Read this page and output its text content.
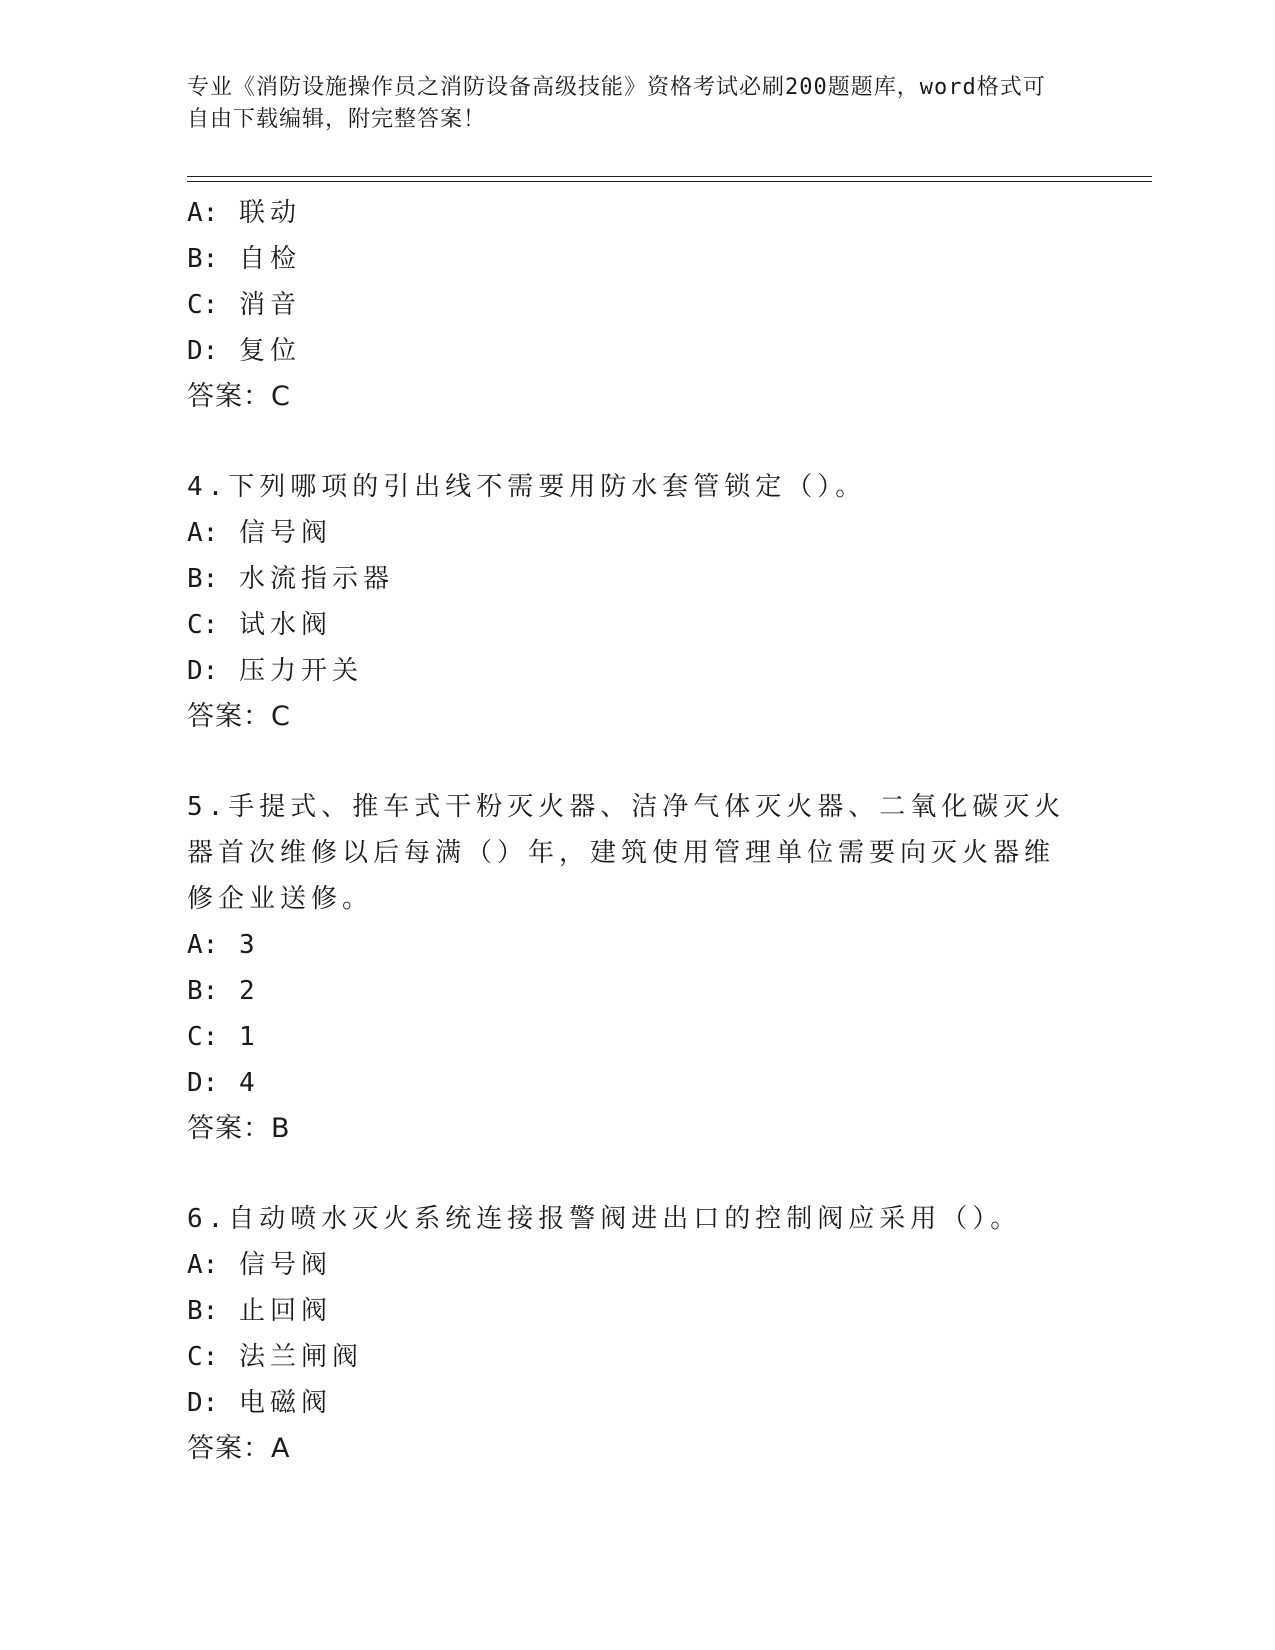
专业《消防设施操作员之消防设备高级技能》资格考试必刷200题题库，word格式可自由下载编辑，附完整答案！
A: 联动
B: 自检
C: 消音
D: 复位
答案：C
4.下列哪项的引出线不需要用防水套管锁定（）。
A: 信号阀
B: 水流指示器
C: 试水阀
D: 压力开关
答案：C
5.手提式、推车式干粉灭火器、洁净气体灭火器、二氧化碳灭火器首次维修以后每满（）年，建筑使用管理单位需要向灭火器维修企业送修。
A: 3
B: 2
C: 1
D: 4
答案：B
6.自动喷水灭火系统连接报警阀进出口的控制阀应采用（）。
A: 信号阀
B: 止回阀
C: 法兰闸阀
D: 电磁阀
答案：A
